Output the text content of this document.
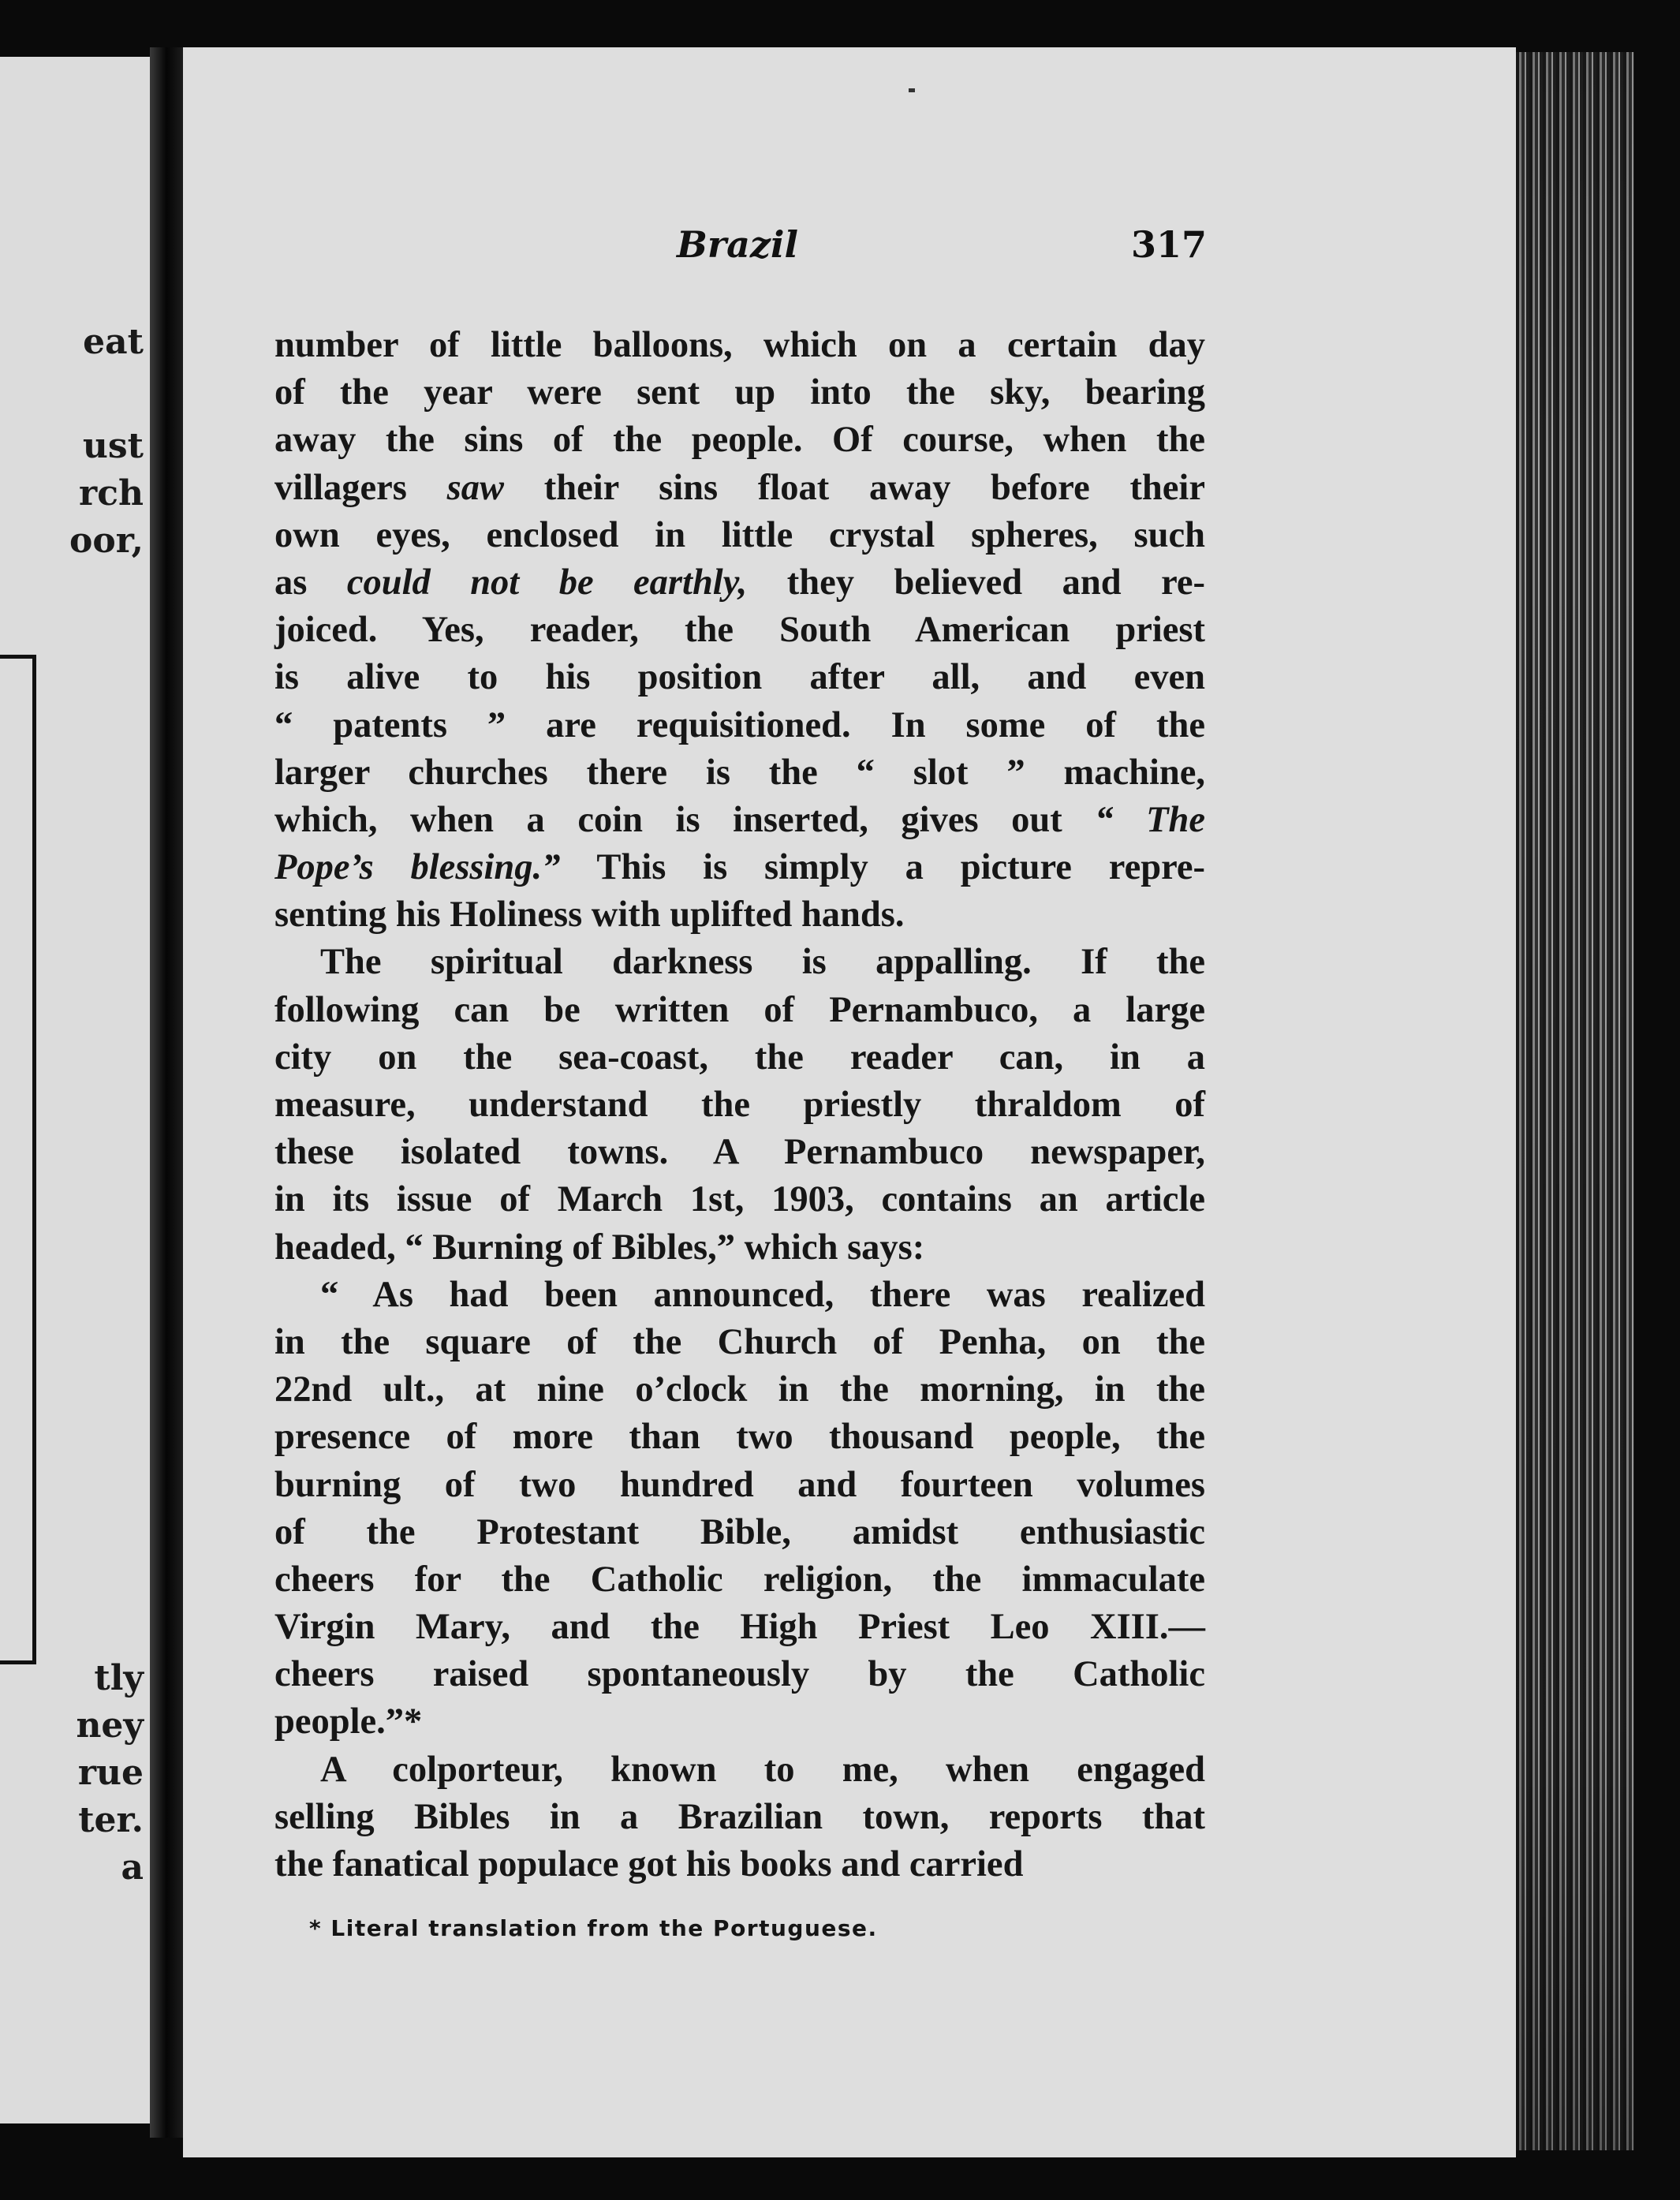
eat
ust
rch
oor,
tly
ney
rue
ter.
a
Brazil	317
number of little balloons, which on a certain day
of the year were sent up into the sky, bearing
away the sins of the people. Of course, when the
villagers saw their sins float away before their
own eyes, enclosed in little crystal spheres, such
as could not be earthly, they believed and re-
joiced. Yes, reader, the South American priest
is alive to his position after all, and even
“ patents ” are requisitioned. In some of the
larger churches there is the “ slot ” machine,
which, when a coin is inserted, gives out “ The
Pope’s blessing.” This is simply a picture repre-
senting his Holiness with uplifted hands.
The spiritual darkness is appalling. If the
following can be written of Pernambuco, a large
city on the sea-coast, the reader can, in a
measure, understand the priestly thraldom of
these isolated towns. A Pernambuco newspaper,
in its issue of March 1st, 1903, contains an article
headed, “ Burning of Bibles,” which says:
“ As had been announced, there was realized
in the square of the Church of Penha, on the
22nd ult., at nine o’clock in the morning, in the
presence of more than two thousand people, the
burning of two hundred and fourteen volumes
of the Protestant Bible, amidst enthusiastic
cheers for the Catholic religion, the immaculate
Virgin Mary, and the High Priest Leo XIII.—
cheers raised spontaneously by the Catholic
people.”*
A colporteur, known to me, when engaged
selling Bibles in a Brazilian town, reports that
the fanatical populace got his books and carried
* Literal translation from the Portuguese.
